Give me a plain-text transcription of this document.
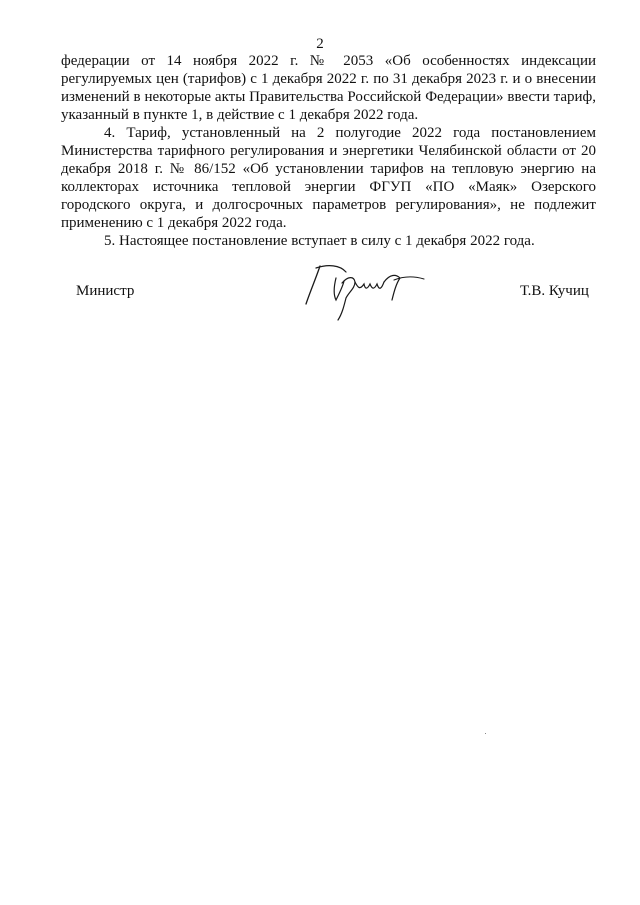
2

федерации от 14 ноября 2022 г. № 2053 «Об особенностях индексации регулируемых цен (тарифов) с 1 декабря 2022 г. по 31 декабря 2023 г. и о внесении изменений в некоторые акты Правительства Российской Федерации» ввести тариф, указанный в пункте 1, в действие с 1 декабря 2022 года.

4. Тариф, установленный на 2 полугодие 2022 года постановлением Министерства тарифного регулирования и энергетики Челябинской области от 20 декабря 2018 г. № 86/152 «Об установлении тарифов на тепловую энергию на коллекторах источника тепловой энергии ФГУП «ПО «Маяк» Озерского городского округа, и долгосрочных параметров регулирования», не подлежит применению с 1 декабря 2022 года.

5. Настоящее постановление вступает в силу с 1 декабря 2022 года.

Министр	Т.В. Кучиц
